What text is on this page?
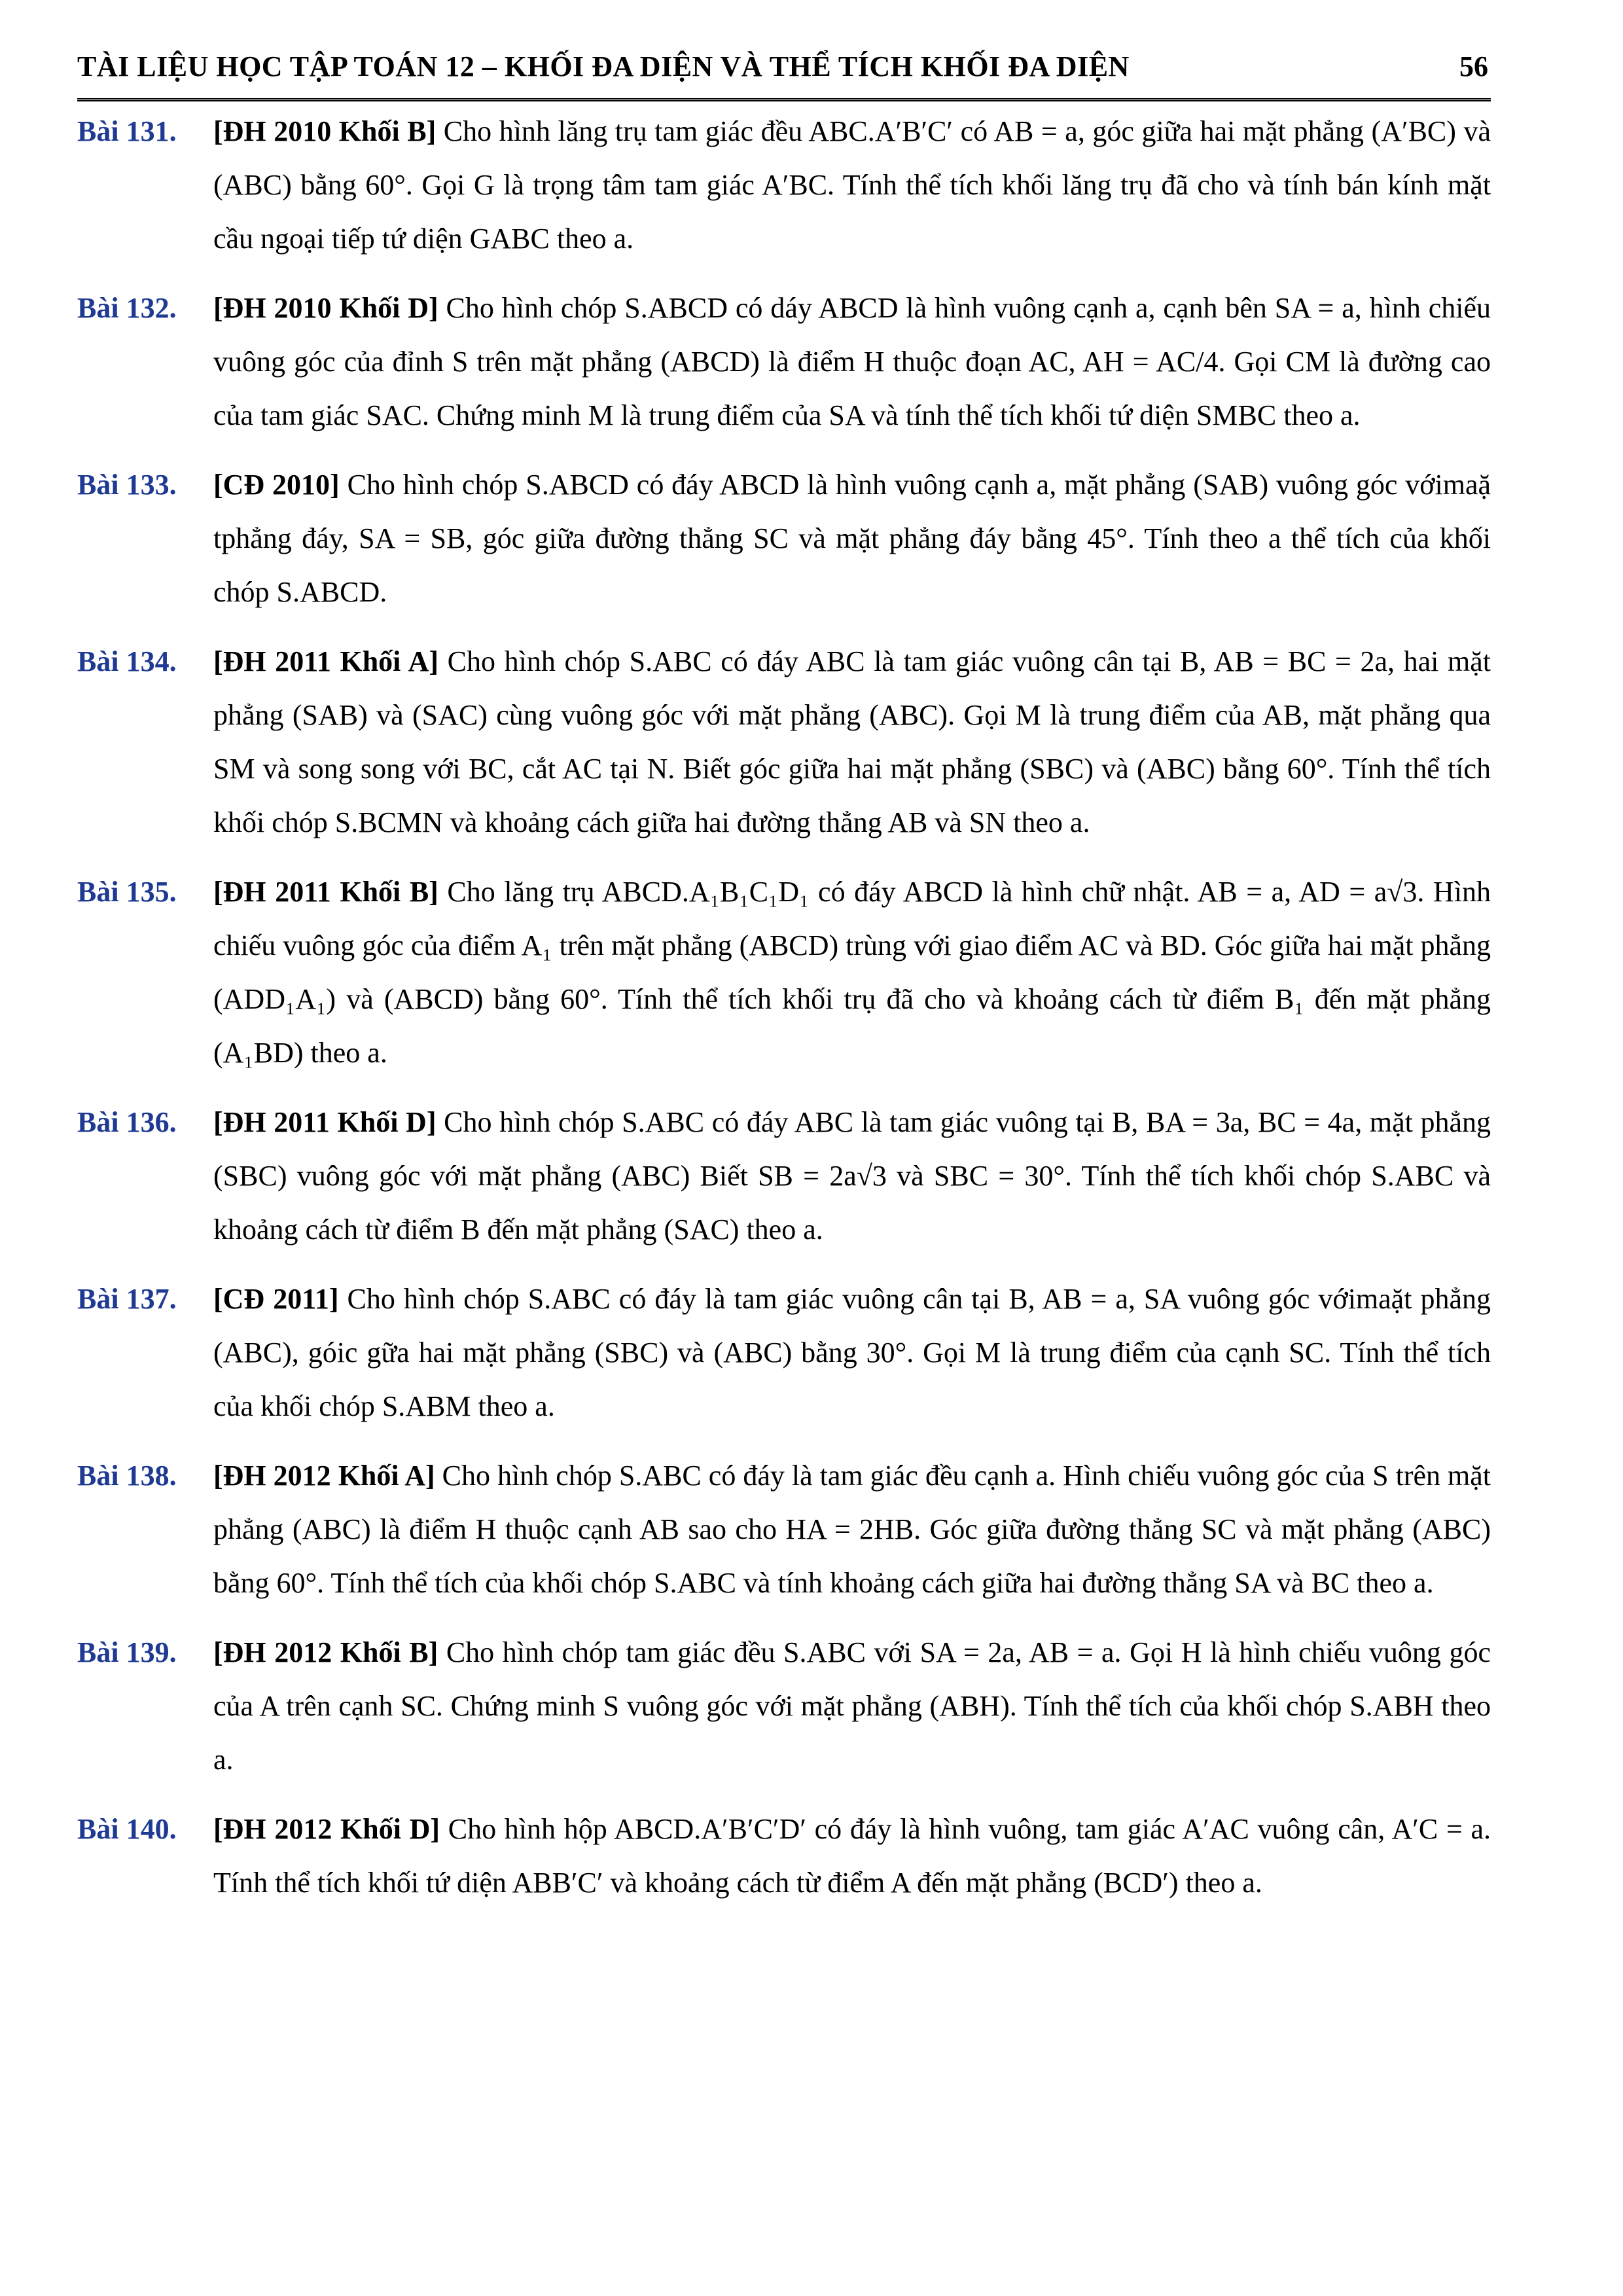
TÀI LIỆU HỌC TẬP TOÁN 12 – KHỐI ĐA DIỆN VÀ THỂ TÍCH KHỐI ĐA DIỆN	56
Bài 131. [ĐH 2010 Khối B] Cho hình lăng trụ tam giác đều ABC.A′B′C′ có AB = a, góc giữa hai mặt phẳng (A′BC) và (ABC) bằng 60°. Gọi G là trọng tâm tam giác A′BC. Tính thể tích khối lăng trụ đã cho và tính bán kính mặt cầu ngoại tiếp tứ diện GABC theo a.
Bài 132. [ĐH 2010 Khối D] Cho hình chóp S.ABCD có dáy ABCD là hình vuông cạnh a, cạnh bên SA = a, hình chiếu vuông góc của đỉnh S trên mặt phẳng (ABCD) là điểm H thuộc đoạn AC, AH = AC/4. Gọi CM là đường cao của tam giác SAC. Chứng minh M là trung điểm của SA và tính thể tích khối tứ diện SMBC theo a.
Bài 133. [CĐ 2010] Cho hình chóp S.ABCD có đáy ABCD là hình vuông cạnh a, mặt phẳng (SAB) vuông góc vớimaặ tphẳng đáy, SA = SB, góc giữa đường thẳng SC và mặt phẳng đáy bằng 45°. Tính theo a thể tích của khối chóp S.ABCD.
Bài 134. [ĐH 2011 Khối A] Cho hình chóp S.ABC có đáy ABC là tam giác vuông cân tại B, AB = BC = 2a, hai mặt phẳng (SAB) và (SAC) cùng vuông góc với mặt phẳng (ABC). Gọi M là trung điểm của AB, mặt phẳng qua SM và song song với BC, cắt AC tại N. Biết góc giữa hai mặt phẳng (SBC) và (ABC) bằng 60°. Tính thể tích khối chóp S.BCMN và khoảng cách giữa hai đường thẳng AB và SN theo a.
Bài 135. [ĐH 2011 Khối B] Cho lăng trụ ABCD.A₁B₁C₁D₁ có đáy ABCD là hình chữ nhật. AB = a, AD = a√3. Hình chiếu vuông góc của điểm A₁ trên mặt phẳng (ABCD) trùng với giao điểm AC và BD. Góc giữa hai mặt phẳng (ADD₁A₁) và (ABCD) bằng 60°. Tính thể tích khối trụ đã cho và khoảng cách từ điểm B₁ đến mặt phẳng (A₁BD) theo a.
Bài 136. [ĐH 2011 Khối D] Cho hình chóp S.ABC có đáy ABC là tam giác vuông tại B, BA = 3a, BC = 4a, mặt phẳng (SBC) vuông góc với mặt phẳng (ABC) Biết SB = 2a√3 và SBC = 30°. Tính thể tích khối chóp S.ABC và khoảng cách từ điểm B đến mặt phẳng (SAC) theo a.
Bài 137. [CĐ 2011] Cho hình chóp S.ABC có đáy là tam giác vuông cân tại B, AB = a, SA vuông góc vớimaặt phẳng (ABC), góic gữa hai mặt phẳng (SBC) và (ABC) bằng 30°. Gọi M là trung điểm của cạnh SC. Tính thể tích của khối chóp S.ABM theo a.
Bài 138. [ĐH 2012 Khối A] Cho hình chóp S.ABC có đáy là tam giác đều cạnh a. Hình chiếu vuông góc của S trên mặt phẳng (ABC) là điểm H thuộc cạnh AB sao cho HA = 2HB. Góc giữa đường thẳng SC và mặt phẳng (ABC) bằng 60°. Tính thể tích của khối chóp S.ABC và tính khoảng cách giữa hai đường thẳng SA và BC theo a.
Bài 139. [ĐH 2012 Khối B] Cho hình chóp tam giác đều S.ABC với SA = 2a, AB = a. Gọi H là hình chiếu vuông góc của A trên cạnh SC. Chứng minh S vuông góc với mặt phẳng (ABH). Tính thể tích của khối chóp S.ABH theo a.
Bài 140. [ĐH 2012 Khối D] Cho hình hộp ABCD.A′B′C′D′ có đáy là hình vuông, tam giác A′AC vuông cân, A′C = a. Tính thể tích khối tứ diện ABB′C′ và khoảng cách từ điểm A đến mặt phẳng (BCD′) theo a.
